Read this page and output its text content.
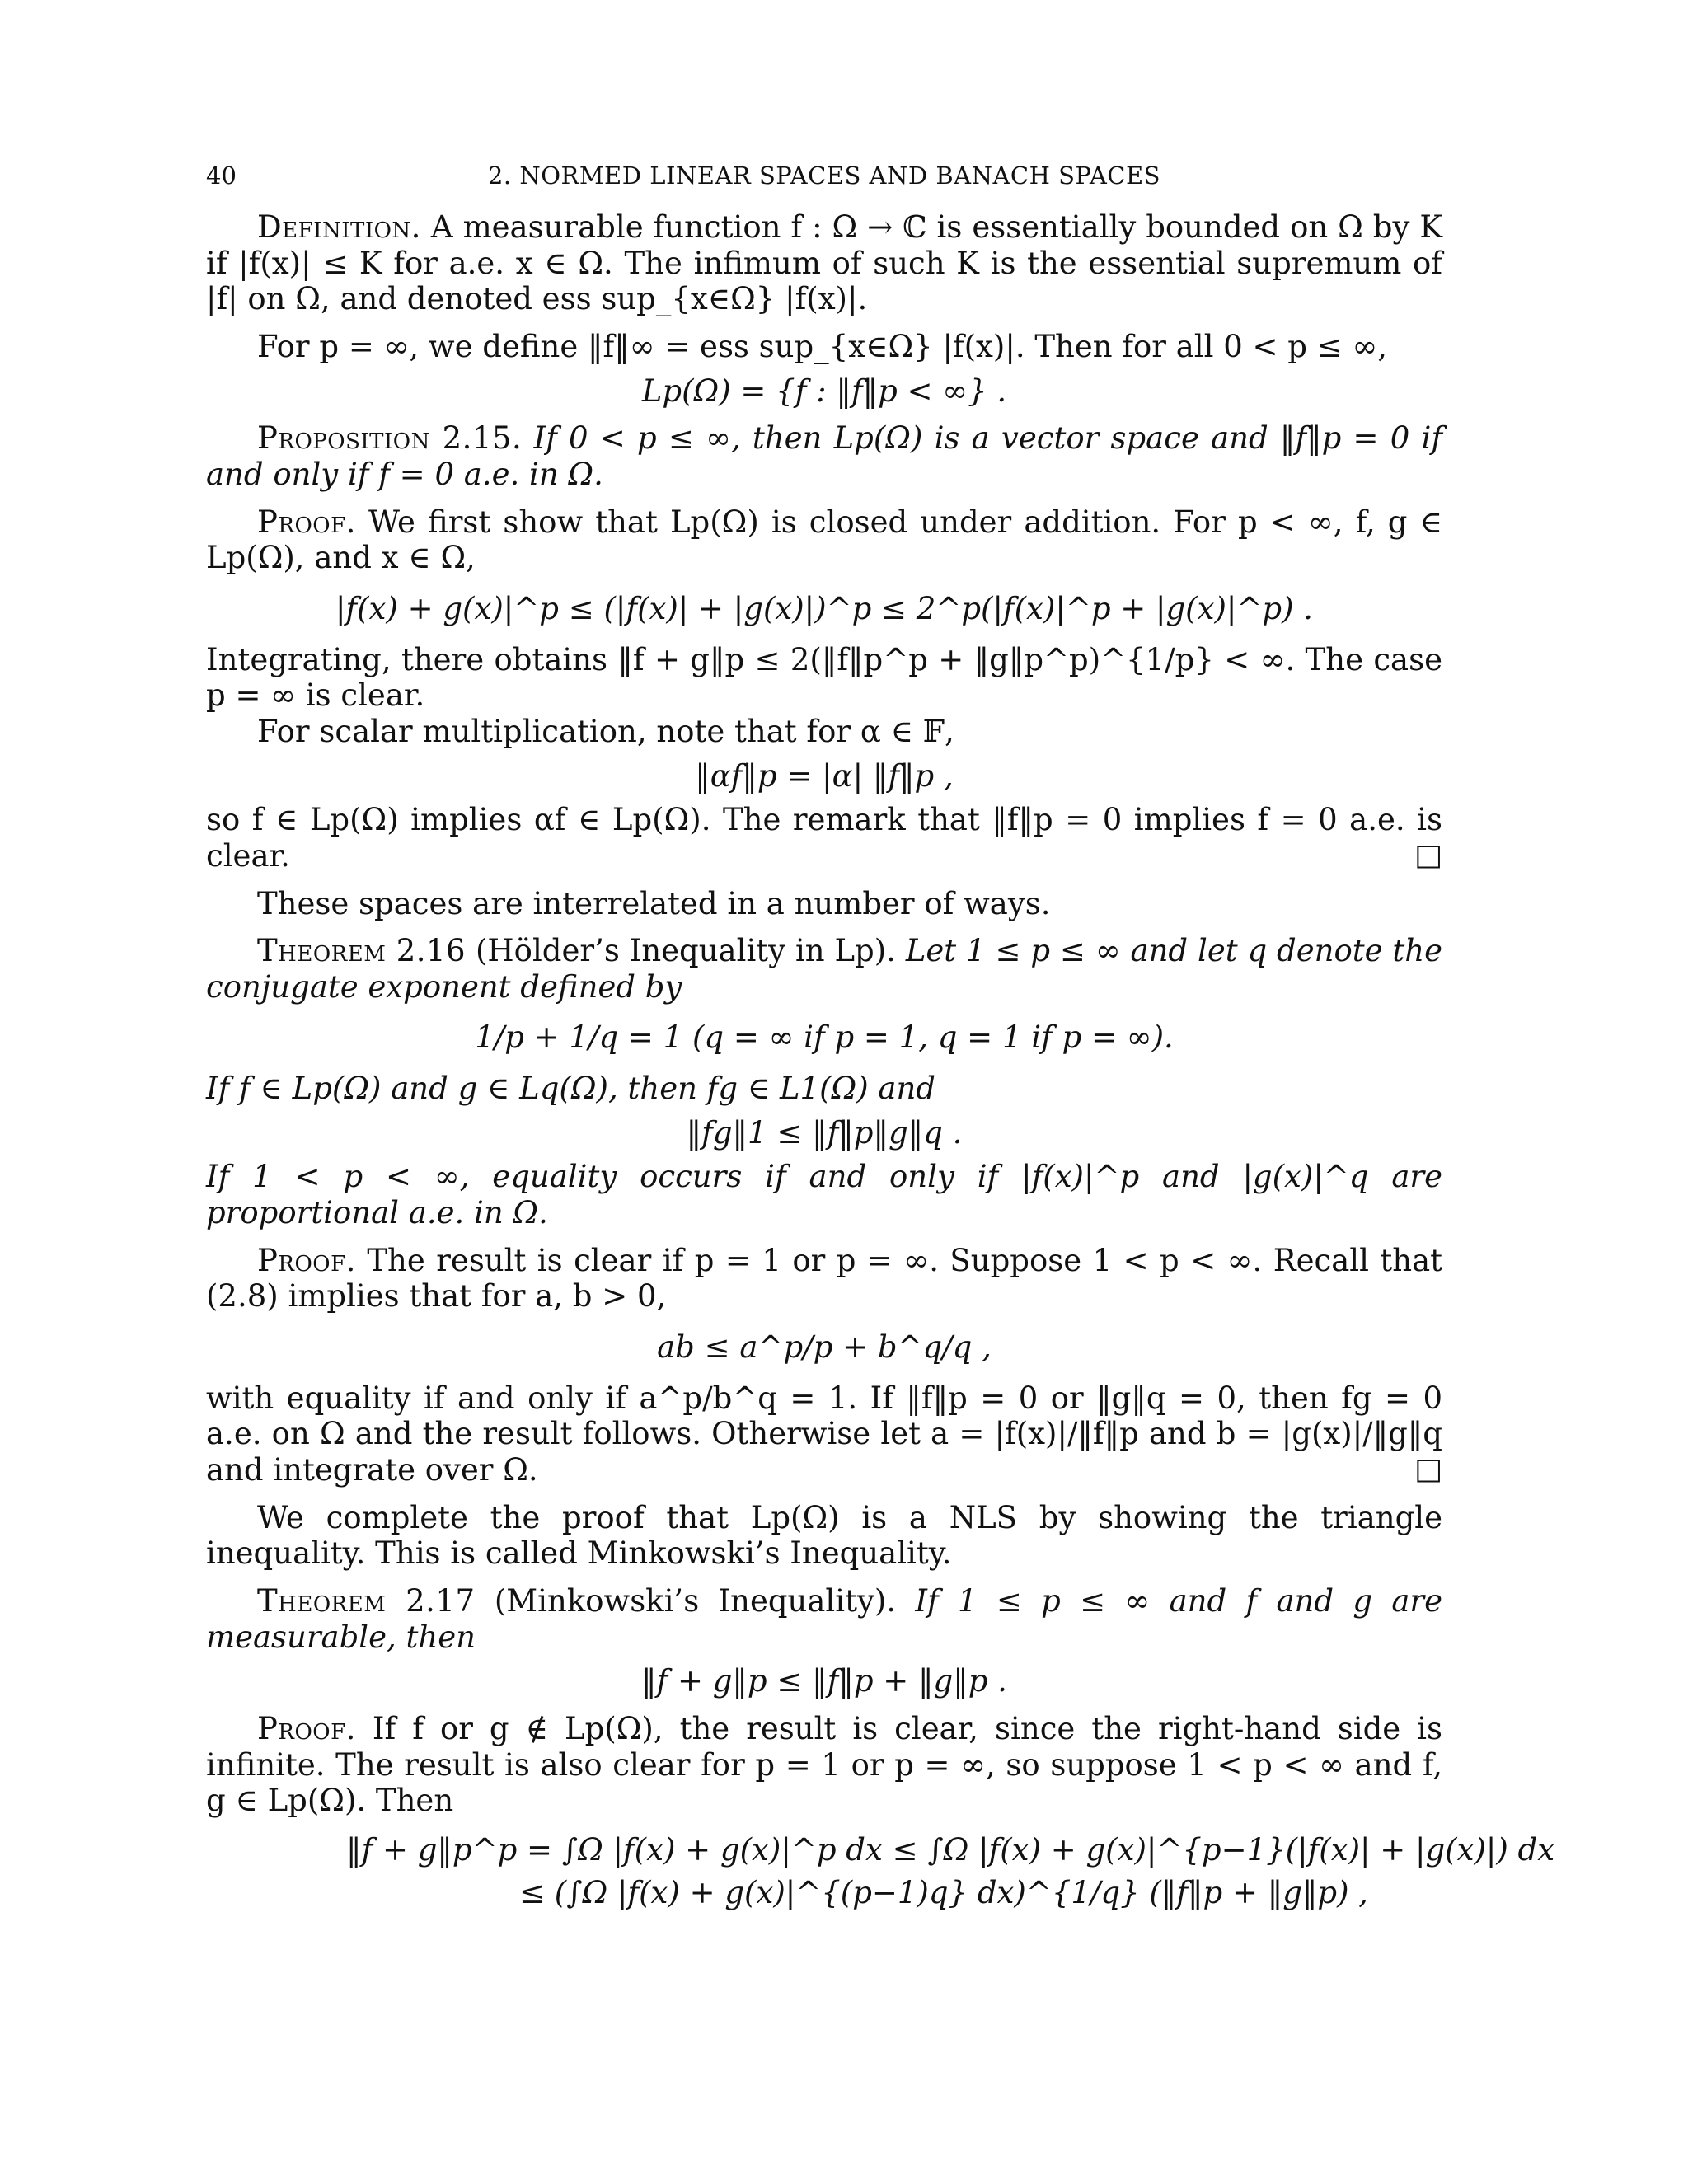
40	2. NORMED LINEAR SPACES AND BANACH SPACES

Definition. A measurable function f : Ω → ℂ is essentially bounded on Ω by K if |f(x)| ≤ K for a.e. x ∈ Ω. The infimum of such K is the essential supremum of |f| on Ω, and denoted ess sup_{x∈Ω} |f(x)|.

For p = ∞, we define ‖f‖∞ = ess sup_{x∈Ω} |f(x)|. Then for all 0 < p ≤ ∞,

Lp(Ω) = {f : ‖f‖p < ∞} .

Proposition 2.15. If 0 < p ≤ ∞, then Lp(Ω) is a vector space and ‖f‖p = 0 if and only if f = 0 a.e. in Ω.

Proof. We first show that Lp(Ω) is closed under addition. For p < ∞, f, g ∈ Lp(Ω), and x ∈ Ω,

|f(x) + g(x)|^p ≤ (|f(x)| + |g(x)|)^p ≤ 2^p(|f(x)|^p + |g(x)|^p) .

Integrating, there obtains ‖f + g‖p ≤ 2(‖f‖p^p + ‖g‖p^p)^{1/p} < ∞. The case p = ∞ is clear.

For scalar multiplication, note that for α ∈ 𝔽,

‖αf‖p = |α| ‖f‖p ,

so f ∈ Lp(Ω) implies αf ∈ Lp(Ω). The remark that ‖f‖p = 0 implies f = 0 a.e. is clear.	□

These spaces are interrelated in a number of ways.

Theorem 2.16 (Hölder’s Inequality in Lp). Let 1 ≤ p ≤ ∞ and let q denote the conjugate exponent defined by

1/p + 1/q = 1 (q = ∞ if p = 1, q = 1 if p = ∞).

If f ∈ Lp(Ω) and g ∈ Lq(Ω), then fg ∈ L1(Ω) and

‖fg‖1 ≤ ‖f‖p‖g‖q .

If 1 < p < ∞, equality occurs if and only if |f(x)|^p and |g(x)|^q are proportional a.e. in Ω.

Proof. The result is clear if p = 1 or p = ∞. Suppose 1 < p < ∞. Recall that (2.8) implies that for a, b > 0,

ab ≤ a^p/p + b^q/q ,

with equality if and only if a^p/b^q = 1. If ‖f‖p = 0 or ‖g‖q = 0, then fg = 0 a.e. on Ω and the result follows. Otherwise let a = |f(x)|/‖f‖p and b = |g(x)|/‖g‖q and integrate over Ω.	□

We complete the proof that Lp(Ω) is a NLS by showing the triangle inequality. This is called Minkowski’s Inequality.

Theorem 2.17 (Minkowski’s Inequality). If 1 ≤ p ≤ ∞ and f and g are measurable, then

‖f + g‖p ≤ ‖f‖p + ‖g‖p .

Proof. If f or g ∉ Lp(Ω), the result is clear, since the right-hand side is infinite. The result is also clear for p = 1 or p = ∞, so suppose 1 < p < ∞ and f, g ∈ Lp(Ω). Then

‖f + g‖p^p = ∫Ω |f(x) + g(x)|^p dx ≤ ∫Ω |f(x) + g(x)|^{p−1}(|f(x)| + |g(x)|) dx
≤ (∫Ω |f(x) + g(x)|^{(p−1)q} dx)^{1/q} (‖f‖p + ‖g‖p) ,
